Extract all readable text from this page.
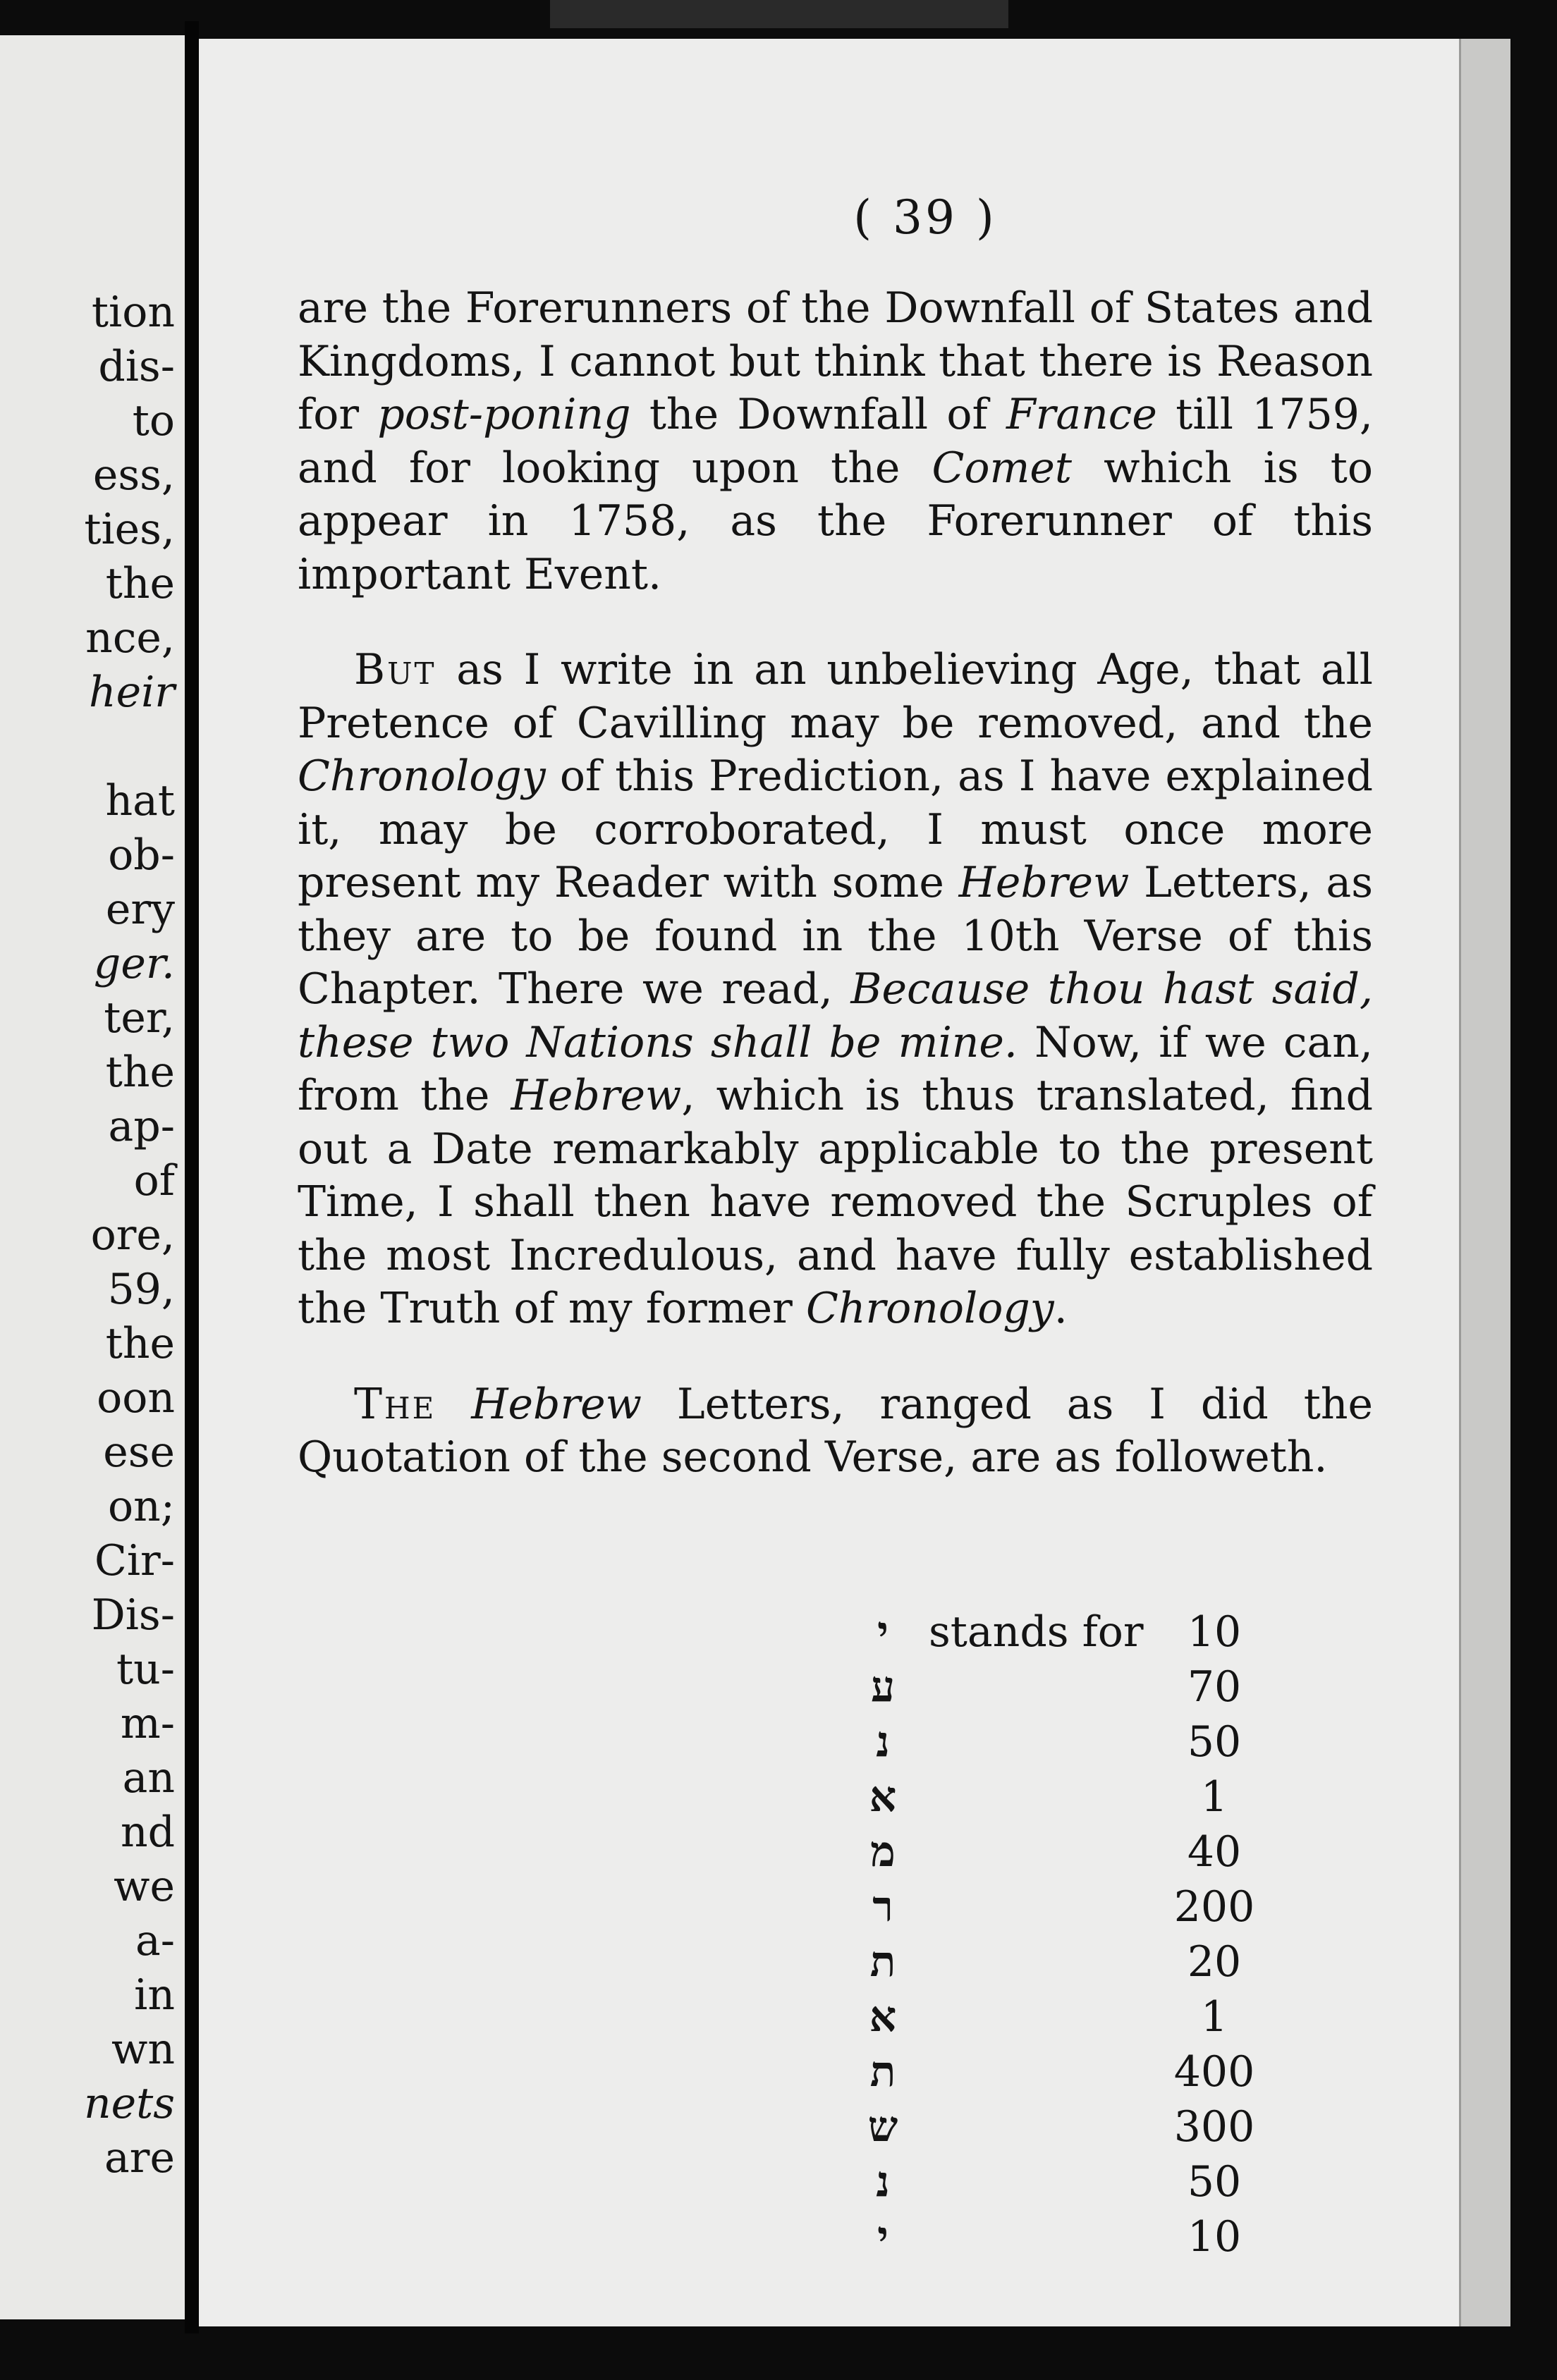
tion
dis-
to
ess,
ties,
the
nce,
heir
hat
ob-
ery
ger.
ter,
the
ap-
of
ore,
59,
the
oon
ese
on;
Cir-
Dis-
tu-
m-
an
nd
we
a-
in
wn
nets
are
( 39 )

are the Forerunners of the Downfall of States and Kingdoms, I cannot but think that there is Reason for post-poning the Downfall of France till 1759, and for looking upon the Comet which is to appear in 1758, as the Forerunner of this important Event.

But as I write in an unbelieving Age, that all Pretence of Cavilling may be removed, and the Chronology of this Prediction, as I have explained it, may be corroborated, I must once more present my Reader with some Hebrew Letters, as they are to be found in the 10th Verse of this Chapter. There we read, Because thou hast said, these two Nations shall be mine. Now, if we can, from the Hebrew, which is thus translated, find out a Date remarkably applicable to the present Time, I shall then have removed the Scruples of the most Incredulous, and have fully established the Truth of my former Chronology.

The Hebrew Letters, ranged as I did the Quotation of the second Verse, are as followeth.

י stands for	10
ע	70
נ	50
א	1
מ	40
ר	200
ת	20
א	1
ת	400
ש	300
נ	50
י	10
